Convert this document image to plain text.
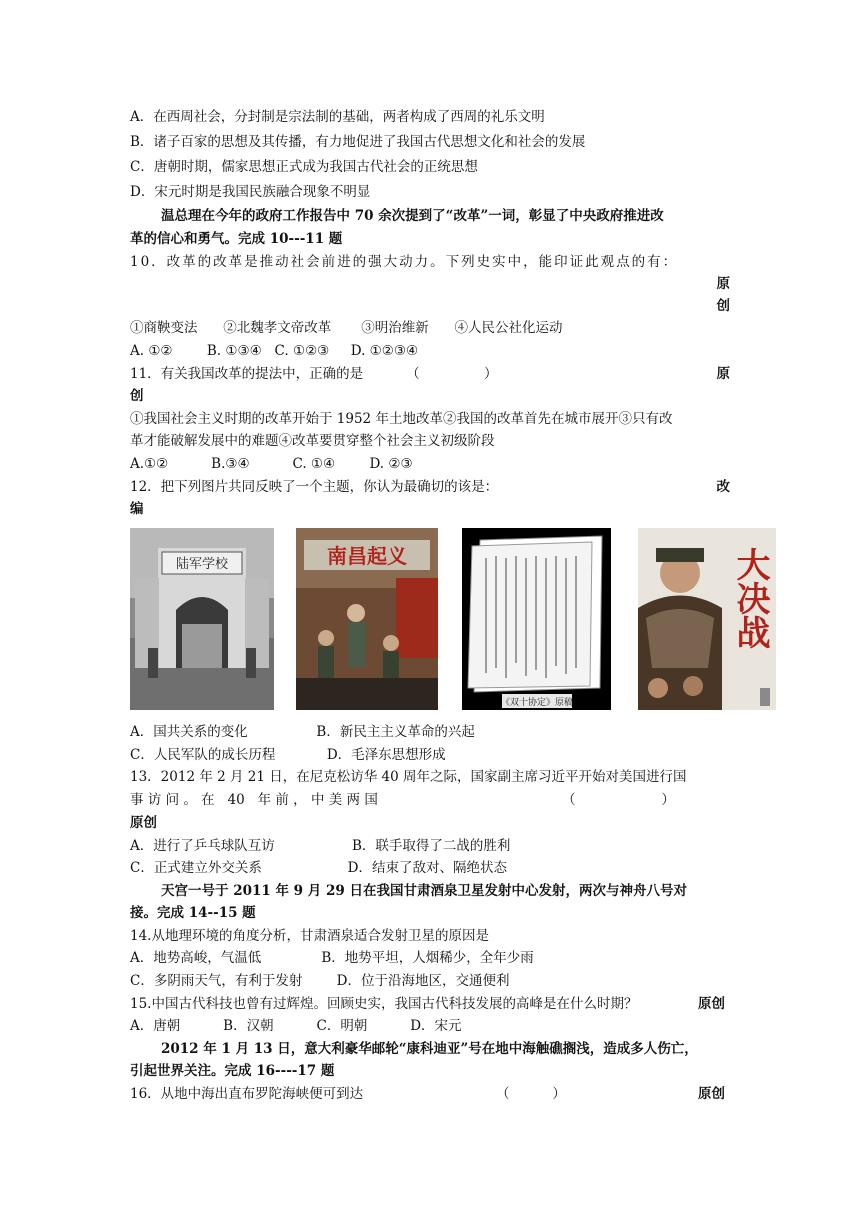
A．在西周社会，分封制是宗法制的基础，两者构成了西周的礼乐文明
B．诸子百家的思想及其传播，有力地促进了我国古代思想文化和社会的发展
C．唐朝时期，儒家思想正式成为我国古代社会的正统思想
D．宋元时期是我国民族融合现象不明显
温总理在今年的政府工作报告中 70 余次提到了“改革”一词，彰显了中央政府推进改
革的信心和勇气。完成 10---11 题
10．改革的改革是推动社会前进的强大动力。下列史实中，能印证此观点的有：
原
创
①商鞅变法      ②北魏孝文帝改革       ③明治维新      ④人民公社化运动
A. ①②        B. ①③④   C. ①②③     D. ①②③④
11．有关我国改革的提法中，正确的是          （               ）	原
创
①我国社会主义时期的改革开始于 1952 年土地改革②我国的改革首先在城市展开③只有改
革才能破解发展中的难题④改革要贯穿整个社会主义初级阶段
A.①②          B.③④          C. ①④        D. ②③
12．把下列图片共同反映了一个主题，你认为最确切的该是：	改
编
陆军学校	南昌起义
《双十协定》原稿
大决战
A．国共关系的变化                B．新民主主义革命的兴起
C．人民军队的成长历程            D．毛泽东思想形成
13．2012 年 2 月 21 日，在尼克松访华 40 周年之际，国家副主席习近平开始对美国进行国
事 访 问 。 在   40   年 前 ， 中 美 两 国	（                    ）
原创
A．进行了乒乓球队互访                  B．联手取得了二战的胜利
C．正式建立外交关系                    D．结束了敌对、隔绝状态
天宫一号于 2011 年 9 月 29 日在我国甘肃酒泉卫星发射中心发射，两次与神舟八号对
接。完成 14--15 题
14.从地理环境的角度分析，甘肃酒泉适合发射卫星的原因是
A．地势高峻，气温低              B．地势平坦，人烟稀少，全年少雨
C．多阴雨天气，有利于发射        D．位于沿海地区，交通便利
15.中国古代科技也曾有过辉煌。回顾史实，我国古代科技发展的高峰是在什么时期？	原创
A．唐朝          B．汉朝          C．明朝          D．宋元
2012 年 1 月 13 日，意大利豪华邮轮“康科迪亚”号在地中海触礁搁浅，造成多人伤亡，
引起世界关注。完成 16----17 题
16．从地中海出直布罗陀海峡便可到达	（          ）	原创
